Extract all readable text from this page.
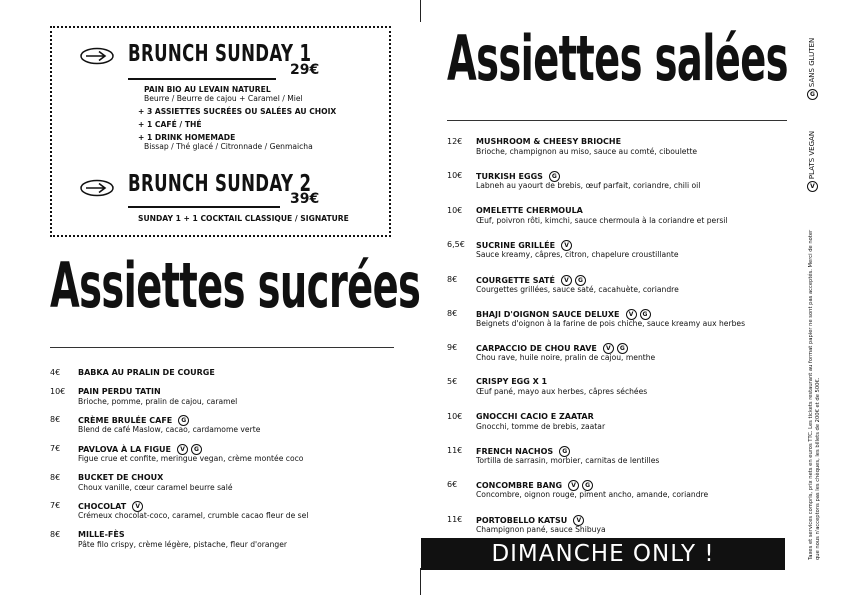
BRUNCH SUNDAY 1
29€
PAIN BIO AU LEVAIN NATUREL
Beurre / Beurre de cajou + Caramel / Miel
+ 3 ASSIETTES SUCRÉES OU SALÉES AU CHOIX
+ 1 CAFÉ / THÉ
+ 1 DRINK HOMEMADE
Bissap / Thé glacé / Citronnade / Genmaicha
BRUNCH SUNDAY 2
39€
SUNDAY 1 + 1 COCKTAIL CLASSIQUE / SIGNATURE
Assiettes sucrées
4€ BABKA AU PRALIN DE COURGE
10€ PAIN PERDU TATIN
Brioche, pomme, pralin de cajou, caramel
8€ CRÈME BRULÉE CAFE	G
Blend de café Maslow, cacao, cardamome verte
7€ PAVLOVA À LA FIGUE	V	G
Figue crue et confite, meringue vegan, crème montée coco
8€ BUCKET DE CHOUX
Choux vanille, cœur caramel beurre salé
7€ CHOCOLAT	V
Crémeux chocolat-coco, caramel, crumble cacao fleur de sel
8€ MILLE-FÈS
Pâte filo crispy, crème légère, pistache, fleur d'oranger
Assiettes salées
12€ MUSHROOM & CHEESY BRIOCHE
Brioche, champignon au miso, sauce au comté, ciboulette
10€ TURKISH EGGS	G
Labneh au yaourt de brebis, œuf parfait, coriandre, chili oil
10€ OMELETTE CHERMOULA
Œuf, poivron rôti, kimchi, sauce chermoula à la coriandre et persil
6,5€ SUCRINE GRILLÉE	V
Sauce kreamy, câpres, citron, chapelure croustillante
8€ COURGETTE SATÉ	V	G
Courgettes grillées, sauce saté, cacahuète, coriandre
8€ BHAJI D'OIGNON SAUCE DELUXE	V	G
Beignets d'oignon à la farine de pois chiche, sauce kreamy aux herbes
9€ CARPACCIO DE CHOU RAVE	V	G
Chou rave, huile noire, pralin de cajou, menthe
5€ CRISPY EGG X 1
Œuf pané, mayo aux herbes, câpres séchées
10€ GNOCCHI CACIO E ZAATAR
Gnocchi, tomme de brebis, zaatar
11€ FRENCH NACHOS	G
Tortilla de sarrasin, morbier, carnitas de lentilles
6€ CONCOMBRE BANG	V	G
Concombre, oignon rouge, piment ancho, amande, coriandre
11€ PORTOBELLO KATSU	V
Champignon pané, sauce Shibuya
DIMANCHE ONLY !
G SANS GLUTEN
V PLATS VEGAN
Taxes et services compris, prix nets en euros TTC. Les tickets restaurant au format papier ne sont pas acceptés. Merci de noter que nous n'acceptons pas les chèques, les billets de 200€ et de 500€.
